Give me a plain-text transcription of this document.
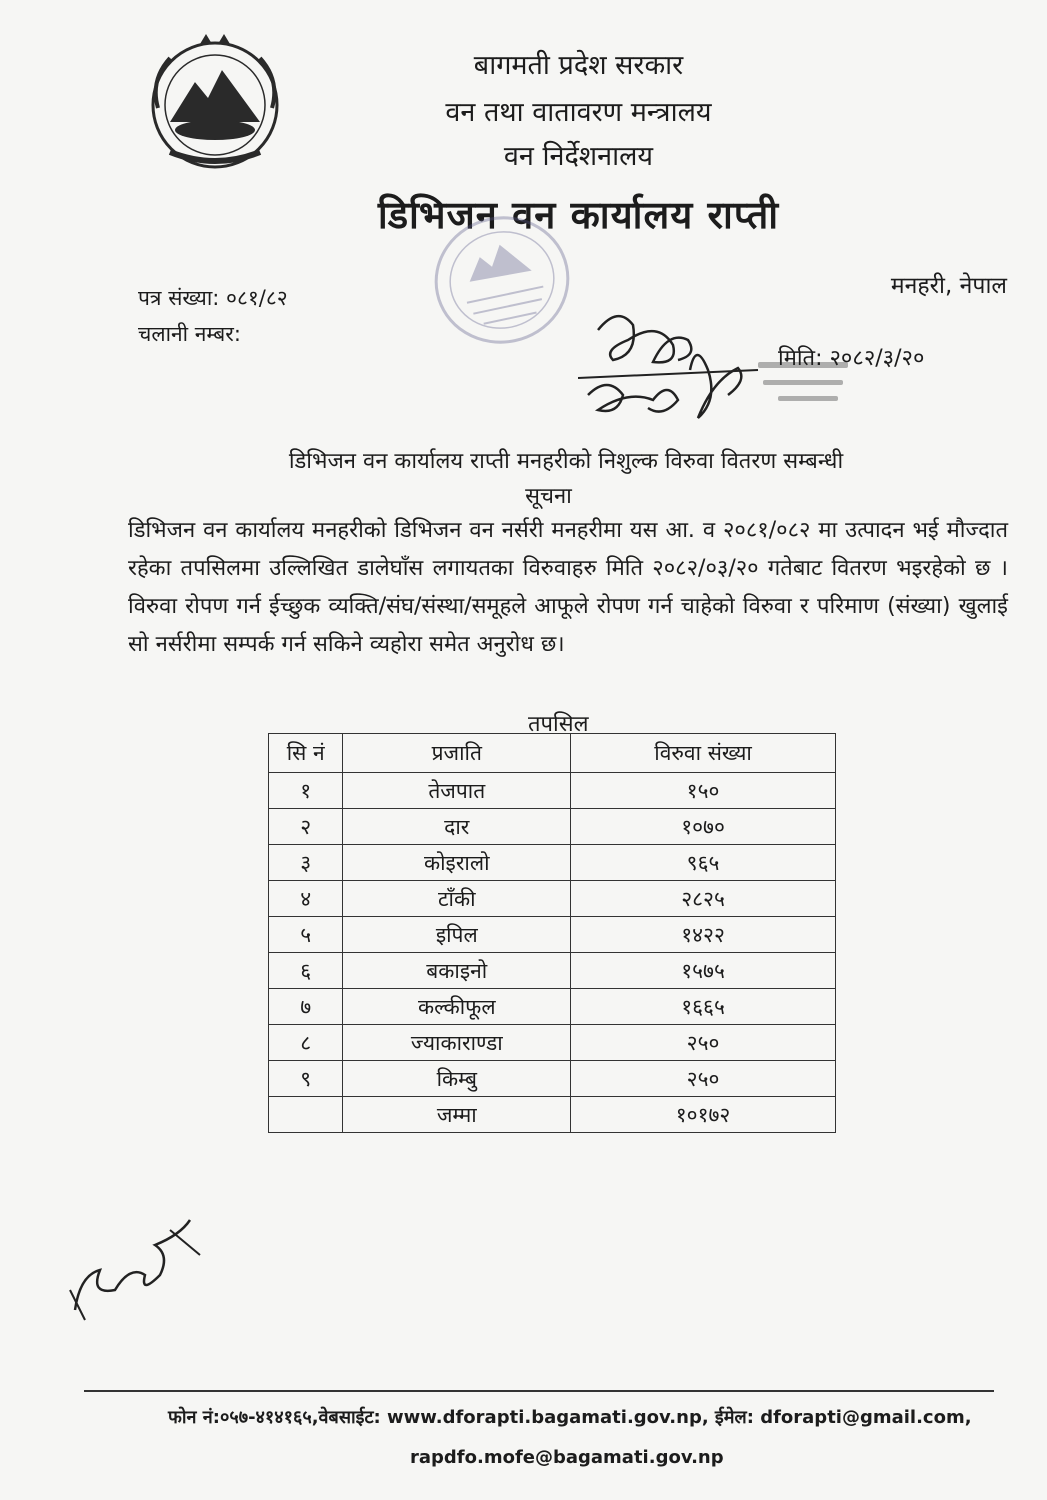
बागमती प्रदेश सरकार
वन तथा वातावरण मन्त्रालय
वन निर्देशनालय
डिभिजन वन कार्यालय राप्ती
मनहरी, नेपाल
पत्र संख्या: ०८१/८२
चलानी नम्बर:
मिति: २०८२/३/२०
डिभिजन वन कार्यालय राप्ती मनहरीको निशुल्क विरुवा वितरण सम्बन्धी
सूचना
डिभिजन वन कार्यालय मनहरीको डिभिजन वन नर्सरी मनहरीमा यस आ. व २०८१/०८२ मा उत्पादन भई मौज्दात रहेका तपसिलमा उल्लिखित डालेघाँस लगायतका विरुवाहरु मिति २०८२/०३/२० गतेबाट वितरण भइरहेको छ । विरुवा रोपण गर्न ईच्छुक व्यक्ति/संघ/संस्था/समूहले आफूले रोपण गर्न चाहेको विरुवा र परिमाण (संख्या) खुलाई सो नर्सरीमा सम्पर्क गर्न सकिने व्यहोरा समेत अनुरोध छ।
तपसिल
सि नं	प्रजाति	विरुवा संख्या
१	तेजपात	१५०
२	दार	१०७०
३	कोइरालो	९६५
४	टाँकी	२८२५
५	इपिल	१४२२
६	बकाइनो	१५७५
७	कल्कीफूल	१६६५
८	ज्याकाराण्डा	२५०
९	किम्बु	२५०
	जम्मा	१०१७२
फोन नं:०५७-४१४१६५,वेबसाईट: www.dforapti.bagamati.gov.np, ईमेल: dforapti@gmail.com,
rapdfo.mofe@bagamati.gov.np
